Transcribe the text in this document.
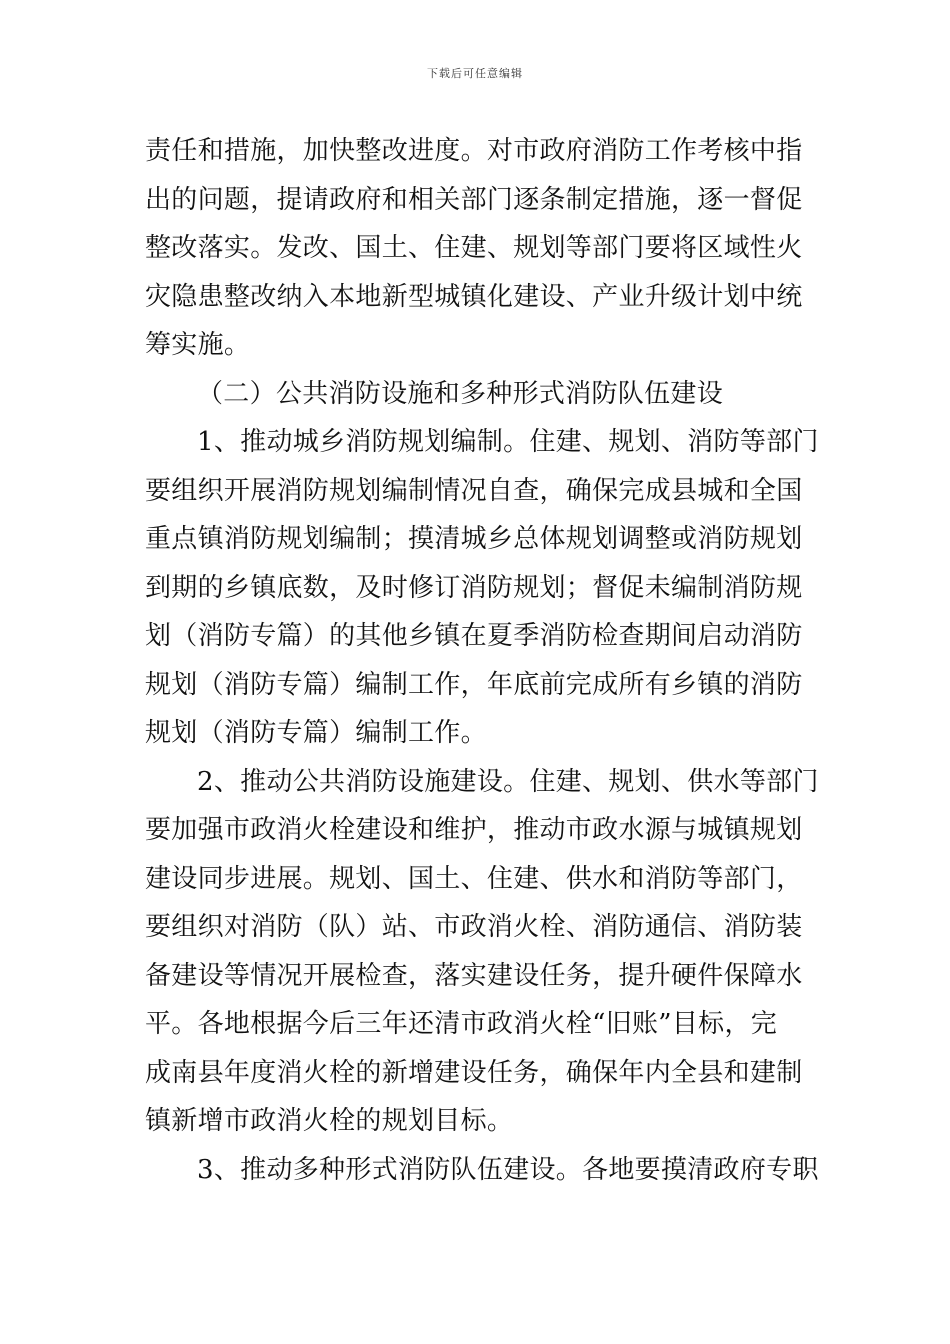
下载后可任意编辑
责任和措施，加快整改进度。对市政府消防工作考核中指
出的问题，提请政府和相关部门逐条制定措施，逐一督促
整改落实。发改、国土、住建、规划等部门要将区域性火
灾隐患整改纳入本地新型城镇化建设、产业升级计划中统
筹实施。
（二）公共消防设施和多种形式消防队伍建设
1、推动城乡消防规划编制。住建、规划、消防等部门
要组织开展消防规划编制情况自查，确保完成县城和全国
重点镇消防规划编制；摸清城乡总体规划调整或消防规划
到期的乡镇底数，及时修订消防规划；督促未编制消防规
划（消防专篇）的其他乡镇在夏季消防检查期间启动消防
规划（消防专篇）编制工作，年底前完成所有乡镇的消防
规划（消防专篇）编制工作。
2、推动公共消防设施建设。住建、规划、供水等部门
要加强市政消火栓建设和维护，推动市政水源与城镇规划
建设同步进展。规划、国土、住建、供水和消防等部门，
要组织对消防（队）站、市政消火栓、消防通信、消防装
备建设等情况开展检查，落实建设任务，提升硬件保障水
平。各地根据今后三年还清市政消火栓“旧账”目标，完
成南县年度消火栓的新增建设任务，确保年内全县和建制
镇新增市政消火栓的规划目标。
3、推动多种形式消防队伍建设。各地要摸清政府专职
